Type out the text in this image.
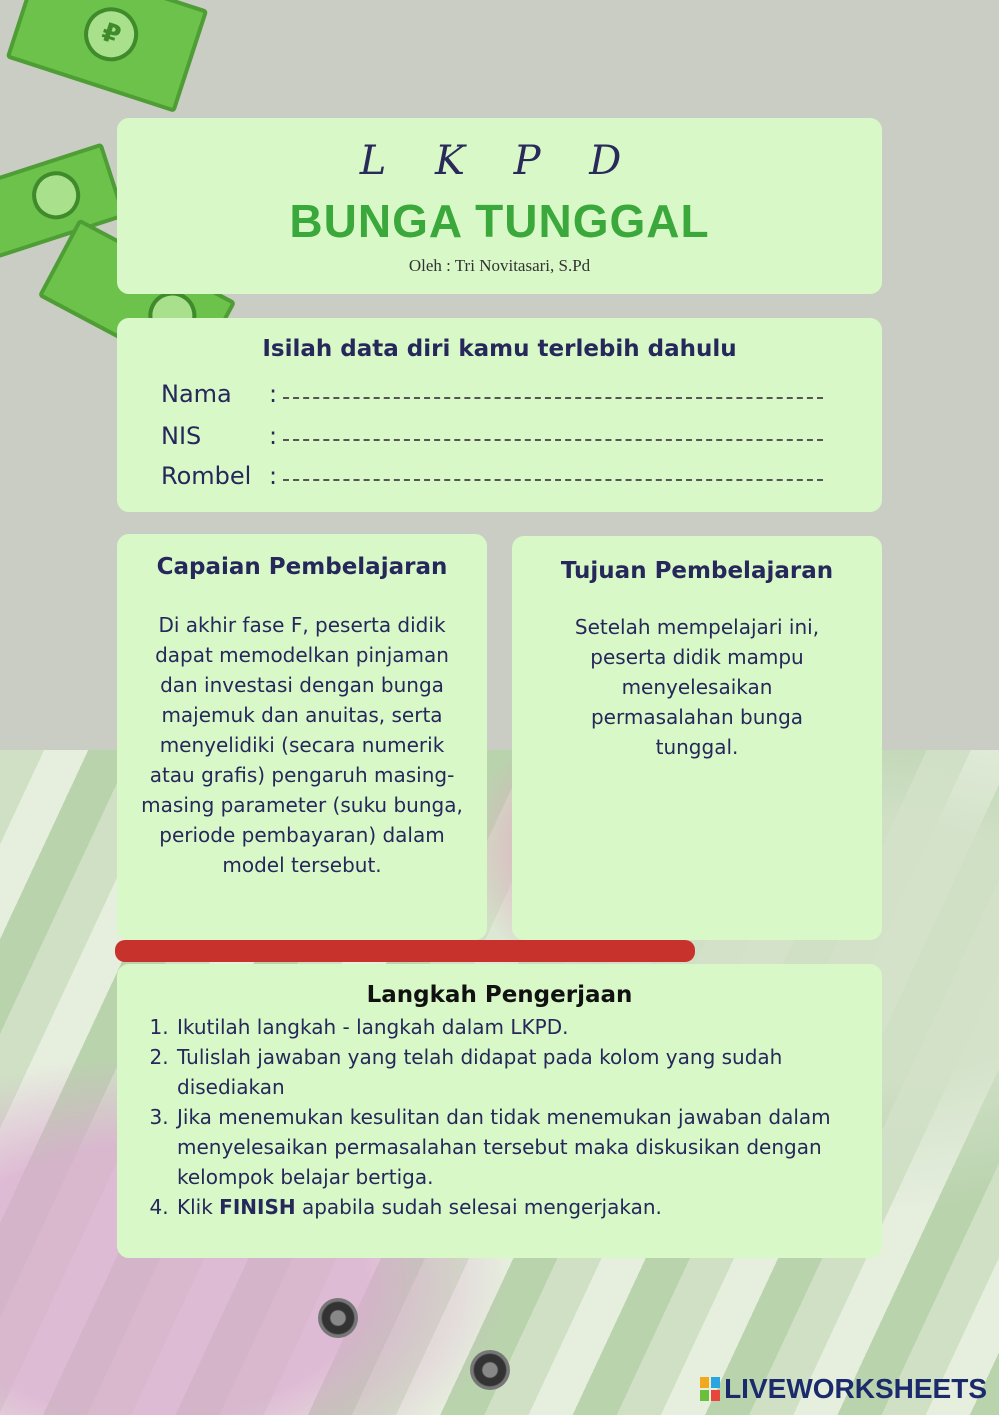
₽
L K P D
BUNGA TUNGGAL
Oleh : Tri Novitasari, S.Pd
Isilah data diri kamu terlebih dahulu
Nama :
NIS	:
Rombel :
Capaian Pembelajaran
Di akhir fase F, peserta didik dapat memodelkan pinjaman dan investasi dengan bunga majemuk dan anuitas, serta menyelidiki (secara numerik atau grafis) pengaruh masing-masing parameter (suku bunga, periode pembayaran) dalam model tersebut.
Tujuan Pembelajaran
Setelah mempelajari ini, peserta didik mampu menyelesaikan permasalahan bunga tunggal.
Langkah Pengerjaan
1. Ikutilah langkah - langkah dalam LKPD.
2. Tulislah jawaban yang telah didapat pada kolom yang sudah disediakan
3. Jika menemukan kesulitan dan tidak menemukan jawaban dalam menyelesaikan permasalahan tersebut maka diskusikan dengan kelompok belajar bertiga.
4. Klik FINISH apabila sudah selesai mengerjakan.
LIVEWORKSHEETS
